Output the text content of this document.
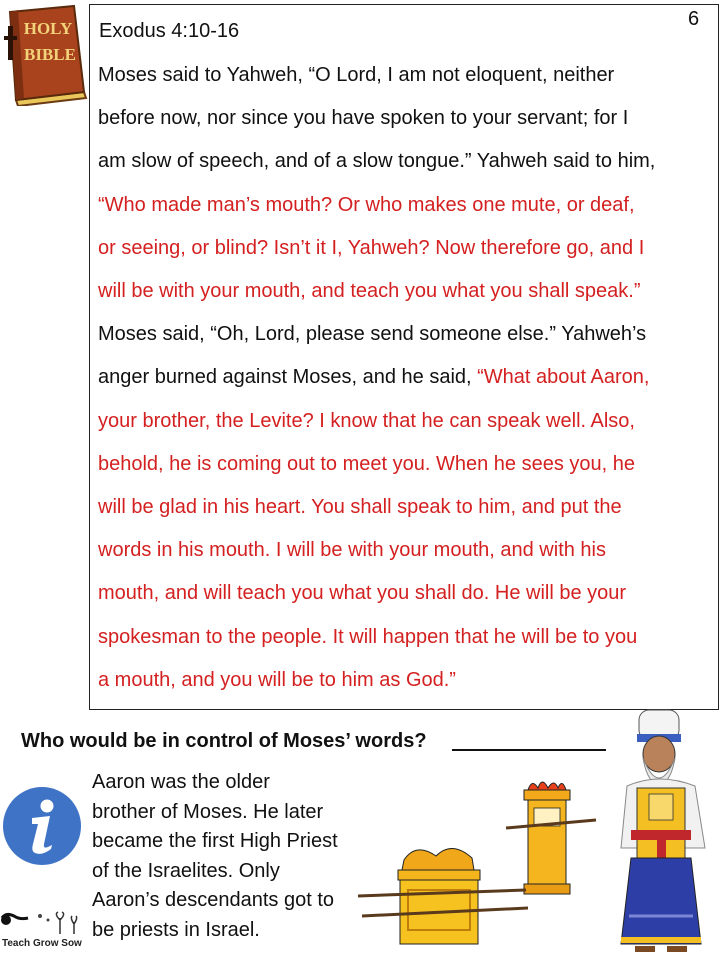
HOLY
BIBLE
6
Exodus 4:10-16
Moses said to Yahweh, “O Lord, I am not eloquent, neither
before now, nor since you have spoken to your servant; for I
am slow of speech, and of a slow tongue.” Yahweh said to him,
“Who made man’s mouth? Or who makes one mute, or deaf,
or seeing, or blind? Isn’t it I, Yahweh? Now therefore go, and I
will be with your mouth, and teach you what you shall speak.”
Moses said, “Oh, Lord, please send someone else.” Yahweh’s
anger burned against Moses, and he said, “What about Aaron,
your brother, the Levite? I know that he can speak well. Also,
behold, he is coming out to meet you. When he sees you, he
will be glad in his heart. You shall speak to him, and put the
words in his mouth. I will be with your mouth, and with his
mouth, and will teach you what you shall do. He will be your
spokesman to the people. It will happen that he will be to you
a mouth, and you will be to him as God.”
Who would be in control of Moses’ words?
Aaron was the older
brother of Moses. He later
became the first High Priest
of the Israelites. Only
Aaron’s descendants got to
be priests in Israel.
Teach Grow Sow
